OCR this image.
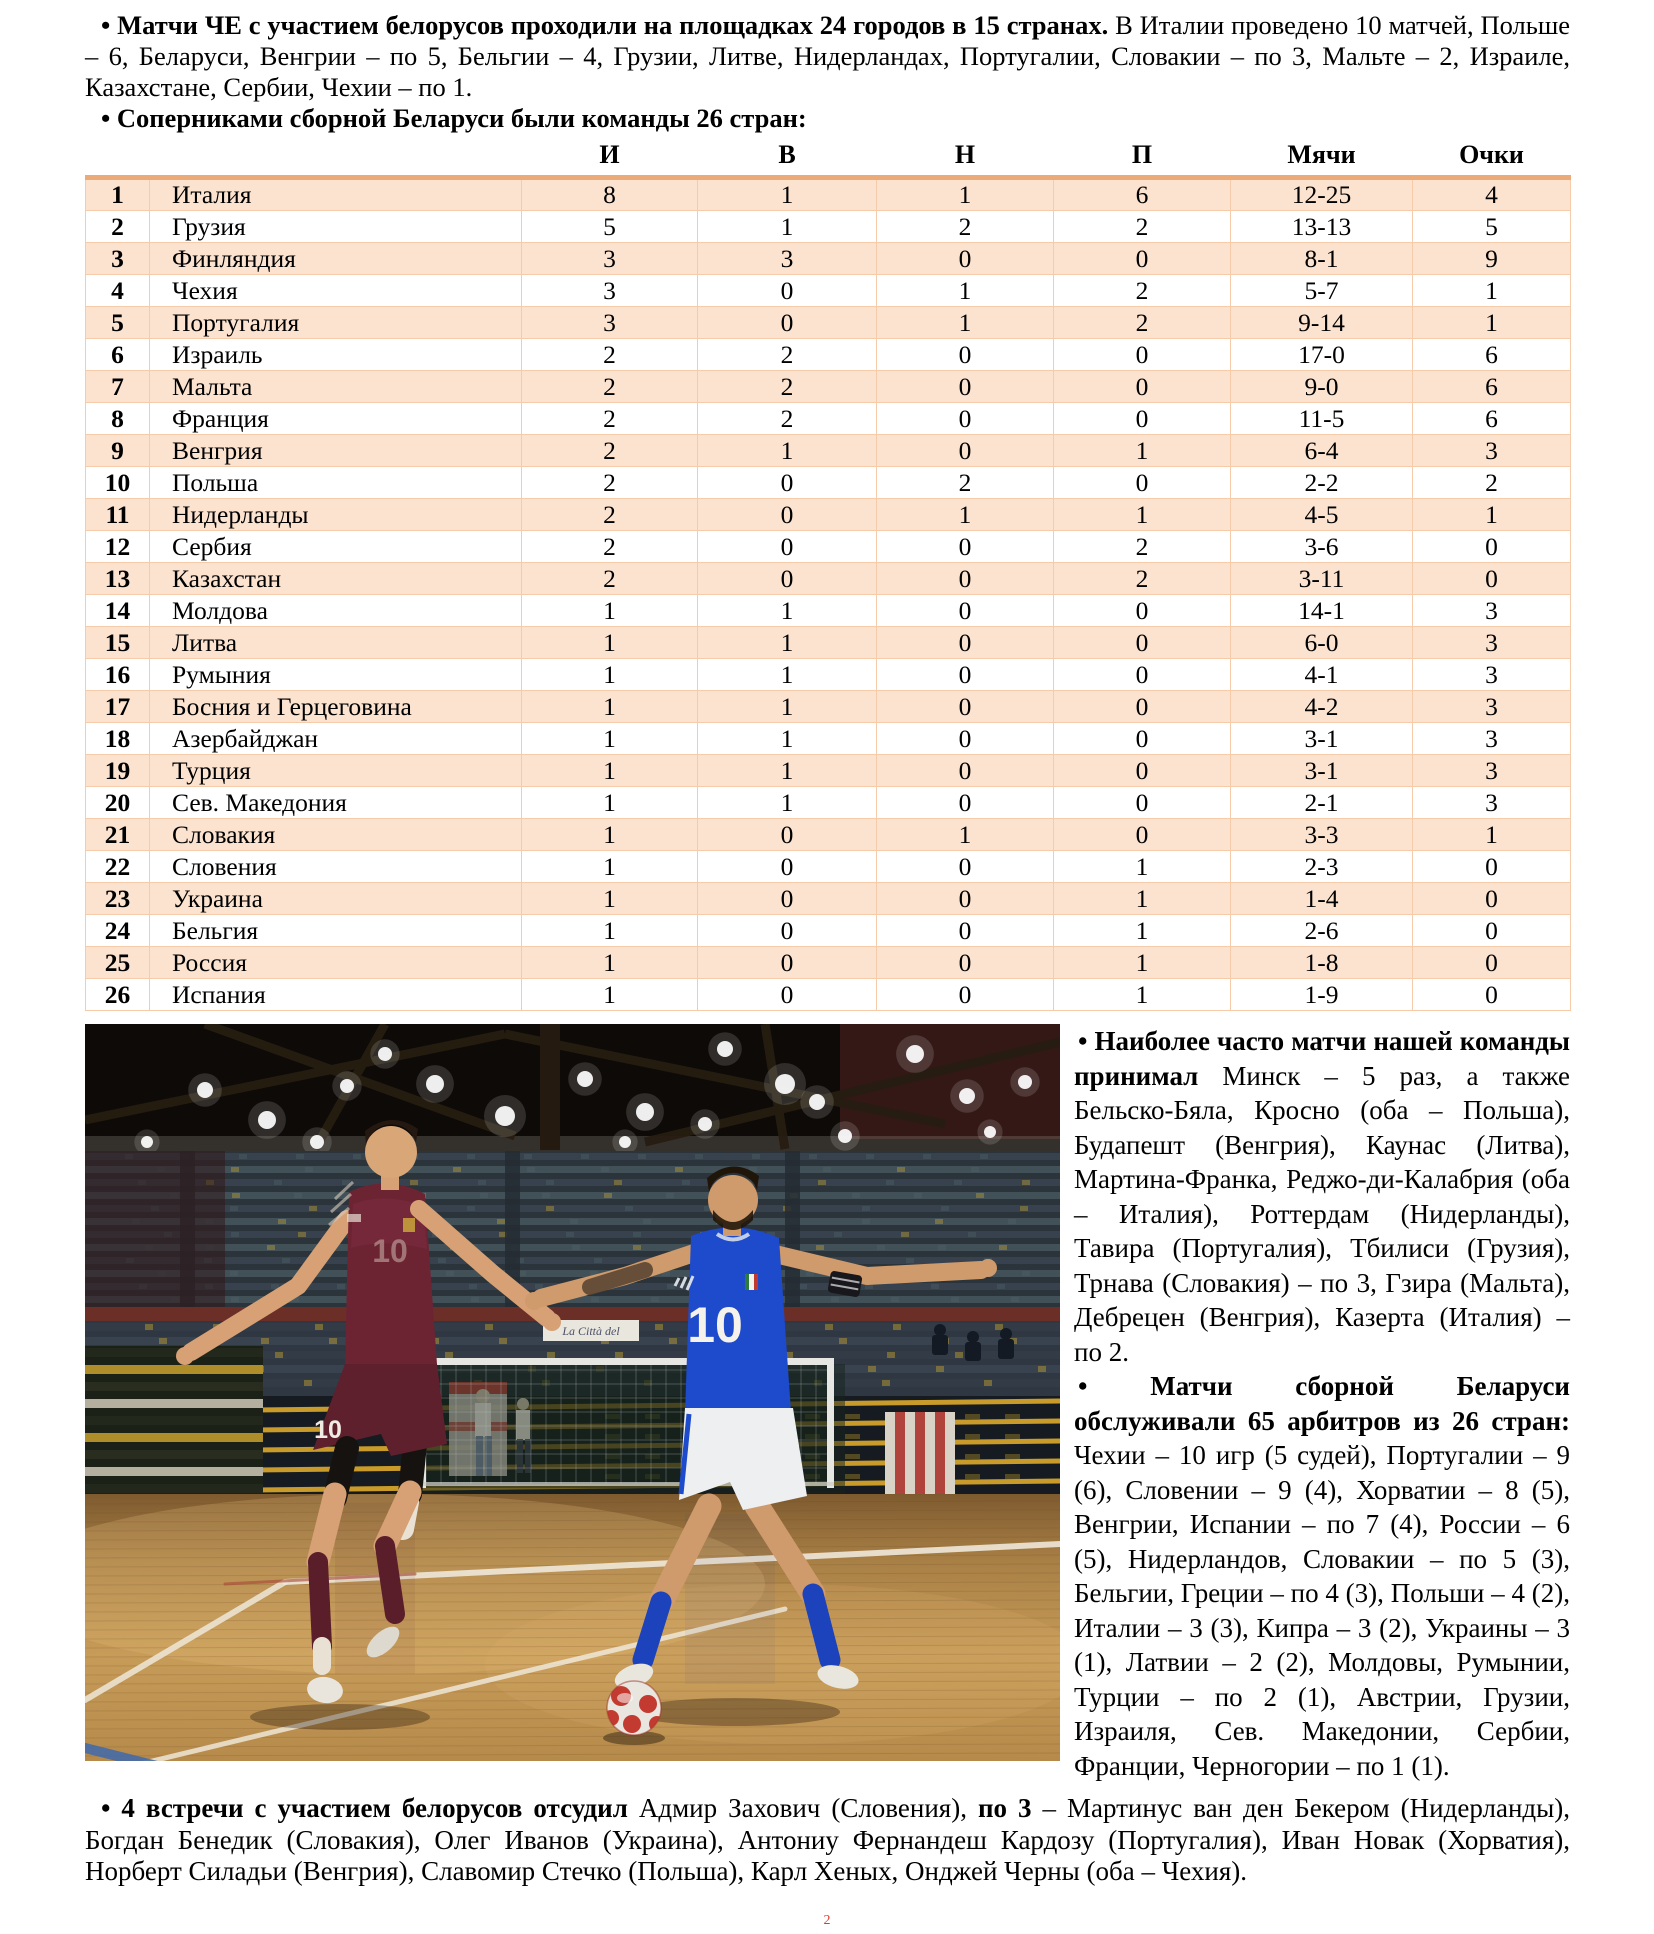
• Матчи ЧЕ с участием белорусов проходили на площадках 24 городов в 15 странах. В Италии проведено 10 матчей, Польше – 6, Беларуси, Венгрии – по 5, Бельгии – 4, Грузии, Литве, Нидерландах, Португалии, Словакии – по 3, Мальте – 2, Израиле, Казахстане, Сербии, Чехии – по 1.

• Соперниками сборной Беларуси были команды 26 стран:

		И	В	Н	П	Мячи	Очки
1	Италия	8	1	1	6	12-25	4
2	Грузия	5	1	2	2	13-13	5
3	Финляндия	3	3	0	0	8-1	9
4	Чехия	3	0	1	2	5-7	1
5	Португалия	3	0	1	2	9-14	1
6	Израиль	2	2	0	0	17-0	6
7	Мальта	2	2	0	0	9-0	6
8	Франция	2	2	0	0	11-5	6
9	Венгрия	2	1	0	1	6-4	3
10	Польша	2	0	2	0	2-2	2
11	Нидерланды	2	0	1	1	4-5	1
12	Сербия	2	0	0	2	3-6	0
13	Казахстан	2	0	0	2	3-11	0
14	Молдова	1	1	0	0	14-1	3
15	Литва	1	1	0	0	6-0	3
16	Румыния	1	1	0	0	4-1	3
17	Босния и Герцеговина	1	1	0	0	4-2	3
18	Азербайджан	1	1	0	0	3-1	3
19	Турция	1	1	0	0	3-1	3
20	Сев. Македония	1	1	0	0	2-1	3
21	Словакия	1	0	1	0	3-3	1
22	Словения	1	0	0	1	2-3	0
23	Украина	1	0	0	1	1-4	0
24	Бельгия	1	0	0	1	2-6	0
25	Россия	1	0	0	1	1-8	0
26	Испания	1	0	0	1	1-9	0
La Città del
10
10
10

• Наиболее часто матчи нашей команды принимал Минск – 5 раз, а также Бельско-Бяла, Кросно (оба – Польша), Будапешт (Венгрия), Каунас (Литва), Мартина-Франка, Реджо-ди-Калабрия (оба – Италия), Роттердам (Нидерланды), Тавира (Португалия), Тбилиси (Грузия), Трнава (Словакия) – по 3, Гзира (Мальта), Дебрецен (Венгрия), Казерта (Италия) – по 2.

• Матчи сборной Беларуси обслуживали 65 арбитров из 26 стран: Чехии – 10 игр (5 судей), Португалии – 9 (6), Словении – 9 (4), Хорватии – 8 (5), Венгрии, Испании – по 7 (4), России – 6 (5), Нидерландов, Словакии – по 5 (3), Бельгии, Греции – по 4 (3), Польши – 4 (2), Италии – 3 (3), Кипра – 3 (2), Украины – 3 (1), Латвии – 2 (2), Молдовы, Румынии, Турции – по 2 (1), Австрии, Грузии, Израиля, Сев. Македонии, Сербии, Франции, Черногории – по 1 (1).

• 4 встречи с участием белорусов отсудил Адмир Захович (Словения), по 3 – Мартинус ван ден Бекером (Нидерланды), Богдан Бенедик (Словакия), Олег Иванов (Украина), Антониу Фернандеш Кардозу (Португалия), Иван Новак (Хорватия), Норберт Силадьи (Венгрия), Славомир Стечко (Польша), Карл Хеных, Онджей Черны (оба – Чехия).

2
